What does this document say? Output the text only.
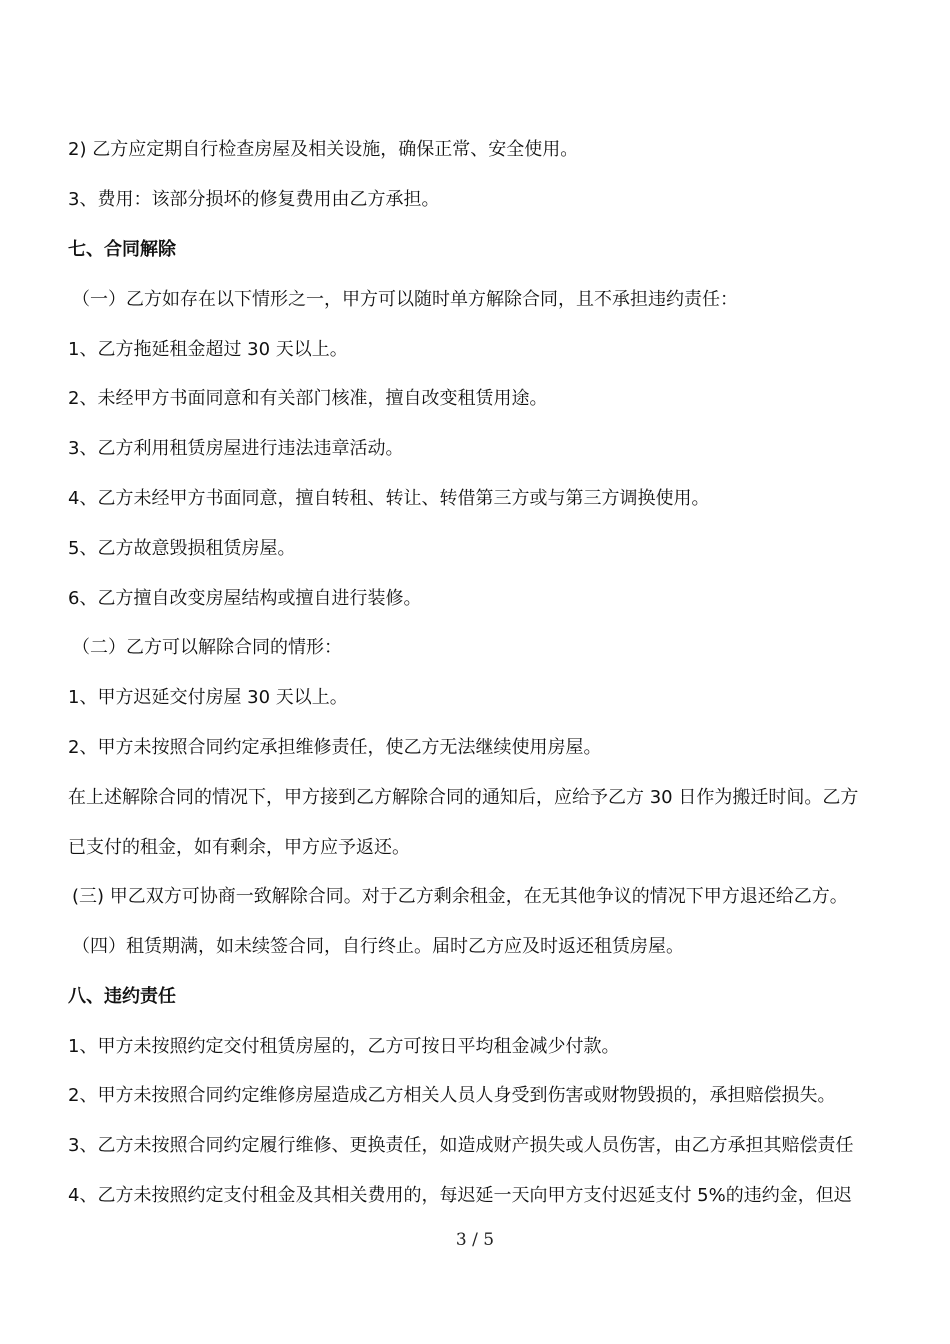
2) 乙方应定期自行检查房屋及相关设施，确保正常、安全使用。
3、费用：该部分损坏的修复费用由乙方承担。
七、合同解除
（一）乙方如存在以下情形之一，甲方可以随时单方解除合同，且不承担违约责任：
1、乙方拖延租金超过 30 天以上。
2、未经甲方书面同意和有关部门核准，擅自改变租赁用途。
3、乙方利用租赁房屋进行违法违章活动。
4、乙方未经甲方书面同意，擅自转租、转让、转借第三方或与第三方调换使用。
5、乙方故意毁损租赁房屋。
6、乙方擅自改变房屋结构或擅自进行装修。
（二）乙方可以解除合同的情形：
1、甲方迟延交付房屋 30 天以上。
2、甲方未按照合同约定承担维修责任，使乙方无法继续使用房屋。
在上述解除合同的情况下，甲方接到乙方解除合同的通知后，应给予乙方 30 日作为搬迁时间。乙方
已支付的租金，如有剩余，甲方应予返还。
(三) 甲乙双方可协商一致解除合同。对于乙方剩余租金，在无其他争议的情况下甲方退还给乙方。
（四）租赁期满，如未续签合同，自行终止。届时乙方应及时返还租赁房屋。
八、违约责任
1、甲方未按照约定交付租赁房屋的，乙方可按日平均租金减少付款。
2、甲方未按照合同约定维修房屋造成乙方相关人员人身受到伤害或财物毁损的，承担赔偿损失。
3、乙方未按照合同约定履行维修、更换责任，如造成财产损失或人员伤害，由乙方承担其赔偿责任
4、乙方未按照约定支付租金及其相关费用的，每迟延一天向甲方支付迟延支付 5%的违约金，但迟
3 / 5
